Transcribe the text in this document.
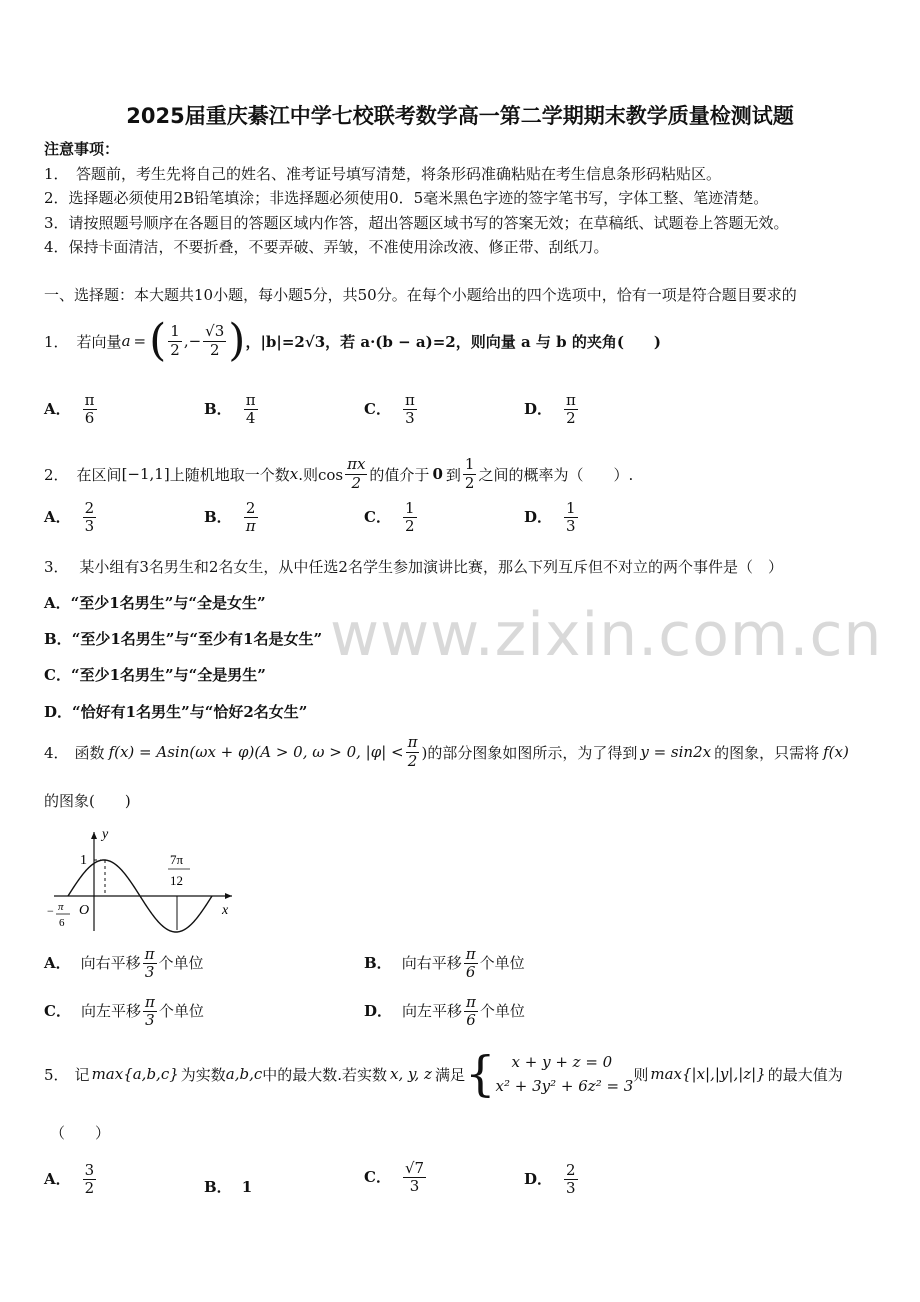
2025届重庆綦江中学七校联考数学高一第二学期期末教学质量检测试题
注意事项：
1．　答题前，考生先将自己的姓名、准考证号填写清楚，将条形码准确粘贴在考生信息条形码粘贴区。
2．选择题必须使用2B铅笔填涂；非选择题必须使用0．5毫米黑色字迹的签字笔书写，字体工整、笔迹清楚。
3．请按照题号顺序在各题目的答题区域内作答，超出答题区域书写的答案无效；在草稿纸、试题卷上答题无效。
4．保持卡面清洁，不要折叠，不要弄破、弄皱，不准使用涂改液、修正带、刮纸刀。
一、选择题：本大题共10小题，每小题5分，共50分。在每个小题给出的四个选项中，恰有一项是符合题目要求的
www.zixin.com.cn
1． 若向量 a = ( $\frac{1}{2}$ ,− $\frac{√3}{2}$ ) ，|b|=2√3，若 a·(b − a)=2，则向量 a 与 b 的夹角(　　)
A． $\frac{\pi}{6}$	B． $\frac{\pi}{4}$	C． $\frac{\pi}{3}$	D． $\frac{\pi}{2}$
2． 在区间 [−1,1] 上随机地取一个数 x .则$\cos \frac{\pi x}{2}$ 的值介于 0 到 $\frac{1}{2}$ 之间的概率为（　　）.
A． $\frac{2}{3}$	B． $\frac{2}{\pi}$	C． $\frac{1}{2}$	D． $\frac{1}{3}$
3． 某小组有3名男生和2名女生，从中任选2名学生参加演讲比赛，那么下列互斥但不对立的两个事件是（　）
A．“至少1名男生”与“全是女生”
B．“至少1名男生”与“至少有1名是女生”
C．“至少1名男生”与“全是男生”
D．“恰好有1名男生”与“恰好2名女生”
4． 函数 f(x) = Asin(ωx + φ)(A > 0, ω > 0, $|\varphi| < \frac{\pi}{2}$ )的部分图象如图所示，为了得到 y = sin2x 的图象，只需将 f(x)
的图象(　　)
y
x
O
1
− π
6
7π
12
A． 向右平移 $\frac{\pi}{3}$ 个单位	B． 向右平移 $\frac{\pi}{6}$ 个单位
C． 向左平移 $\frac{\pi}{3}$ 个单位	D． 向左平移 $\frac{\pi}{6}$ 个单位
5． 记 max{a,b,c} 为实数 a,b,c 中的最大数.若实数 x, y, z 满足 {	x + y + z = 0
x² + 3y² + 6z² = 3
则 max{|x|,|y|,|z|} 的最大值为
（　　）
A． $\frac{3}{2}$	B． 1
C． $\frac{√7}{3}$	D． $\frac{2}{3}$
